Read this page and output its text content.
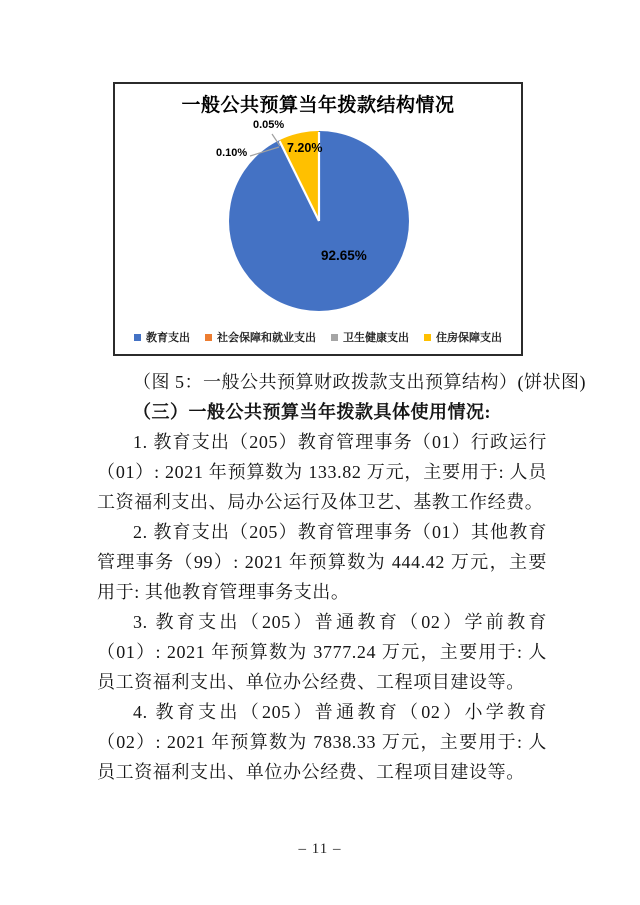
一般公共预算当年拨款结构情况
0.05%
0.10%	7.20%
92.65%
教育支出 社会保障和就业支出 卫生健康支出 住房保障支出

（图 5：一般公共预算财政拨款支出预算结构）(饼状图)

（三）一般公共预算当年拨款具体使用情况:

1. 教育支出（205）教育管理事务（01）行政运行（01）: 2021 年预算数为 133.82 万元，主要用于: 人员工资福利支出、局办公运行及体卫艺、基教工作经费。

2. 教育支出（205）教育管理事务（01）其他教育管理事务（99）: 2021 年预算数为 444.42 万元，主要用于: 其他教育管理事务支出。

3. 教育支出（205）普通教育（02）学前教育（01）: 2021 年预算数为 3777.24 万元，主要用于: 人员工资福利支出、单位办公经费、工程项目建设等。

4. 教育支出（205）普通教育（02）小学教育（02）: 2021 年预算数为 7838.33 万元，主要用于: 人员工资福利支出、单位办公经费、工程项目建设等。

– 11 –
